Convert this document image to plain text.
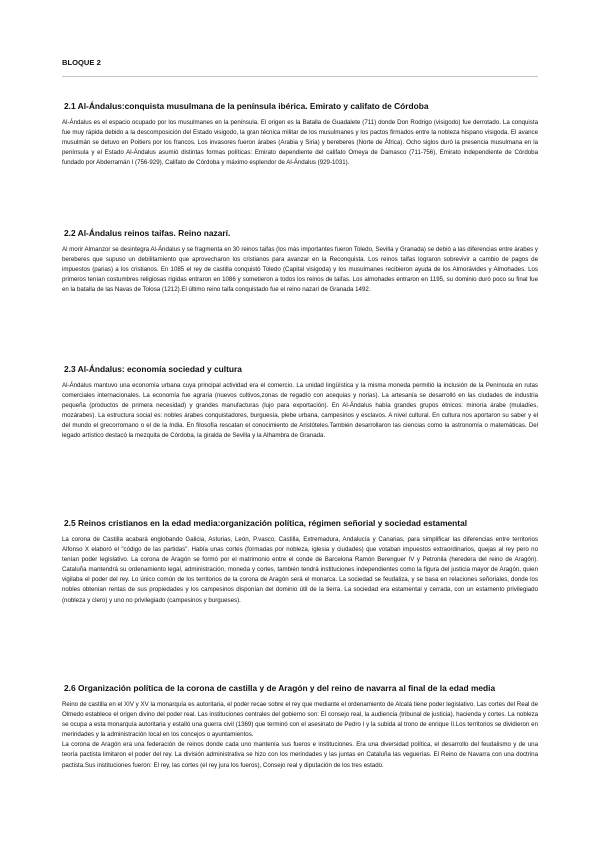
BLOQUE 2

2.1 Al-Ándalus:conquista musulmana de la península ibérica. Emirato y califato de Córdoba

Al-Ándalus es el espacio ocupado por los musulmanes en la península. El origen es la Batalla de Guadalete (711) donde Don Rodrigo (visigodo) fue derrotado. La conquista fue muy rápida debido a la descomposición del Estado visigodo, la gran técnica militar de los musulmanes y los pactos firmados entre la nobleza hispano visigoda. El avance musulmán se detuvo en Poitiers por los francos. Los invasores fueron árabes (Arabia y Siria) y bereberes (Norte de África). Ocho siglos duró la presencia musulmana en la península y el Estado Al-Ándalus asumió distintas formas políticas: Emirato dependiente del califato Omeya de Damasco (711-756), Emirato independiente de Córdoba fundado por Abderramán I (756-929), Califato de Córdoba y máximo esplendor de Al-Ándalus (929-1031).

2.2 Al-Ándalus reinos taifas. Reino nazarí.

Al morir Almanzor se desintegra Al-Ándalus y se fragmenta en 30 reinos taifas (los más importantes fueron Toledo, Sevilla y Granada) se debió a las diferencias entre árabes y bereberes que supuso un debilitamiento que aprovecharon los cristianos para avanzar en la Reconquista. Los reinos taifas lograron sobrevivir a cambio de pagos de impuestos (parias) a los cristianos. En 1085 el rey de castilla conquistó Toledo (Capital visigoda) y los musulmanes recibieron ayuda de los Almorávides y Almohades. Los primeros tenían costumbres religiosas rígidas entraron en 1086 y sometieron a todos los reinos de taifas. Los almohades entraron en 1195, su dominio duró poco su final fue en la batalla de las Navas de Tolosa (1212).El último reino taifa conquistado fue el reino nazarí de Granada 1492.

2.3 Al-Ándalus: economía sociedad y cultura

Al-Ándalus mantuvo una economía urbana cuya principal actividad era el comercio. La unidad lingüística y la misma moneda permitió la inclusión de la Península en rutas comerciales internacionales. La economía fue agraria (nuevos cultivos,zonas de regadío con acequias y norias). La artesanía se desarrolló en las ciudades de industria pequeña (productos de primera necesidad) y grandes manufacturas (lujo para exportación). En Al-Ándalus había grandes grupos étnicos: minoría árabe (muladíes, mozárabes). La estructura social es: nobles árabes conquistadores, burguesía, plebe urbana, campesinos y esclavos. A nivel cultural. En cultura nos aportaron su saber y el del mundo el grecorromano o el de la India. En filosofía rescatan el conocimiento de Aristóteles.También desarrollaron las ciencias como la astronomía o matemáticas. Del legado artístico destacó la mezquita de Córdoba, la giralda de Sevilla y la Alhambra de Granada.

2.5 Reinos cristianos en la edad media:organización política, régimen señorial y sociedad estamental

La corona de Castilla acabará englobando Galicia, Asturias, León, P.vasco, Castilla, Extremadura, Andalucía y Canarias, para simplificar las diferencias entre territorios Alfonso X elaboró el "código de las partidas". Había unas cortes (formadas por nobleza, iglesia y ciudades) que votaban impuestos extraordinarios, quejas al rey pero no tenían poder legislativo. La corona de Aragón se formó por el matrimonio entre el conde de Barcelona Ramón Berenguer IV y Petronila (heredera del reino de Aragón). Cataluña mantendrá su ordenamiento legal, administración, moneda y cortes, también tendrá instituciones independientes como la figura del justicia mayor de Aragón, quien vigilaba el poder del rey. Lo único común de los territorios de la corona de Aragón será el monarca. La sociedad se feudaliza, y se basa en relaciones señoriales, donde los nobles obtenían rentas de sus propiedades y los campesinos disponían del dominio útil de la tierra. La sociedad era estamental y cerrada, con un estamento privilegiado (nobleza y clero) y uno no privilegiado (campesinos y burgueses).

2.6 Organización política de la corona de castilla y de Aragón y del reino de navarra al final de la edad media

Reino de castilla en el XIV y XV la monarquía es autoritaria, el poder recae sobre el rey que mediante el ordenamiento de Alcalá tiene poder legislativo. Las cortes del Real de Olmedo establece el origen divino del poder real. Las instituciones centrales del gobierno son: El consejo real, la audiencia (tribunal de justicia), hacienda y cortes. La nobleza se ocupa a esta monarquía autoritaria y estalló una guerra civil (1369) que terminó con el asesinato de Pedro I y la subida al trono de enrique II.Los territorios se dividieron en merindades y la administración local en los concejos o ayuntamientos.

La corona de Aragón era una federación de reinos donde cada uno mantenía sus fueros e instituciones. Era una diversidad política, el desarrollo del feudalismo y de una teoría pactista limitaron el poder del rey. La división administrativa se hizo con los merindades y las juntas en Cataluña las veguerías. El Reino de Navarra con una doctrina pactista.Sus instituciones fueron: El rey, las cortes (el rey jura los fueros), Consejo real y diputación de los tres estado.
